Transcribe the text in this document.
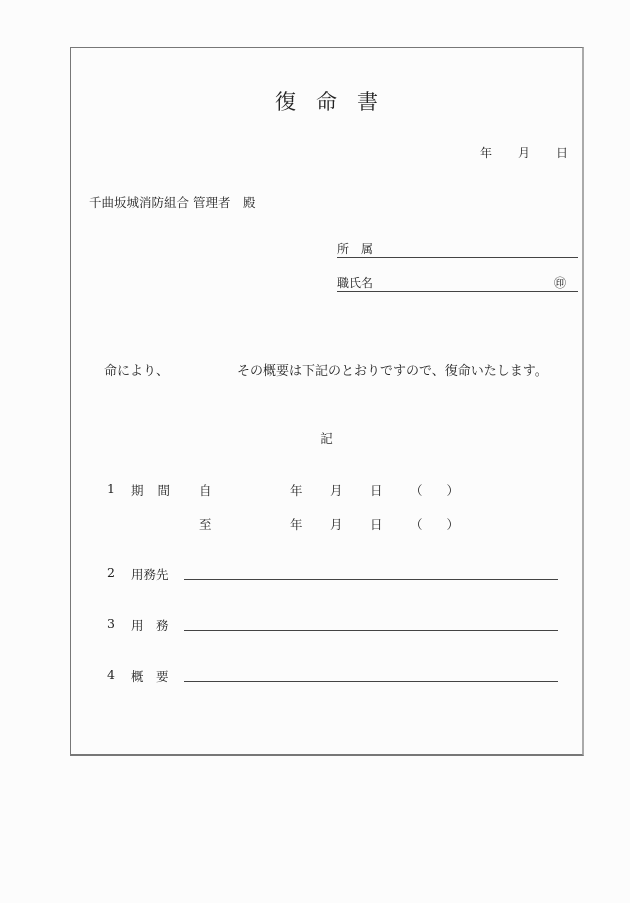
復 命 書
年 月 日
千曲坂城消防組合 管理者　殿
所　属
職氏名	㊞
命により、	その概要は下記のとおりですので、復命いたします。
記
1 期 間	自	年 月 日 （ ）
至	年 月 日 （ ）
2 用務先
3 用　務
4 概　要
